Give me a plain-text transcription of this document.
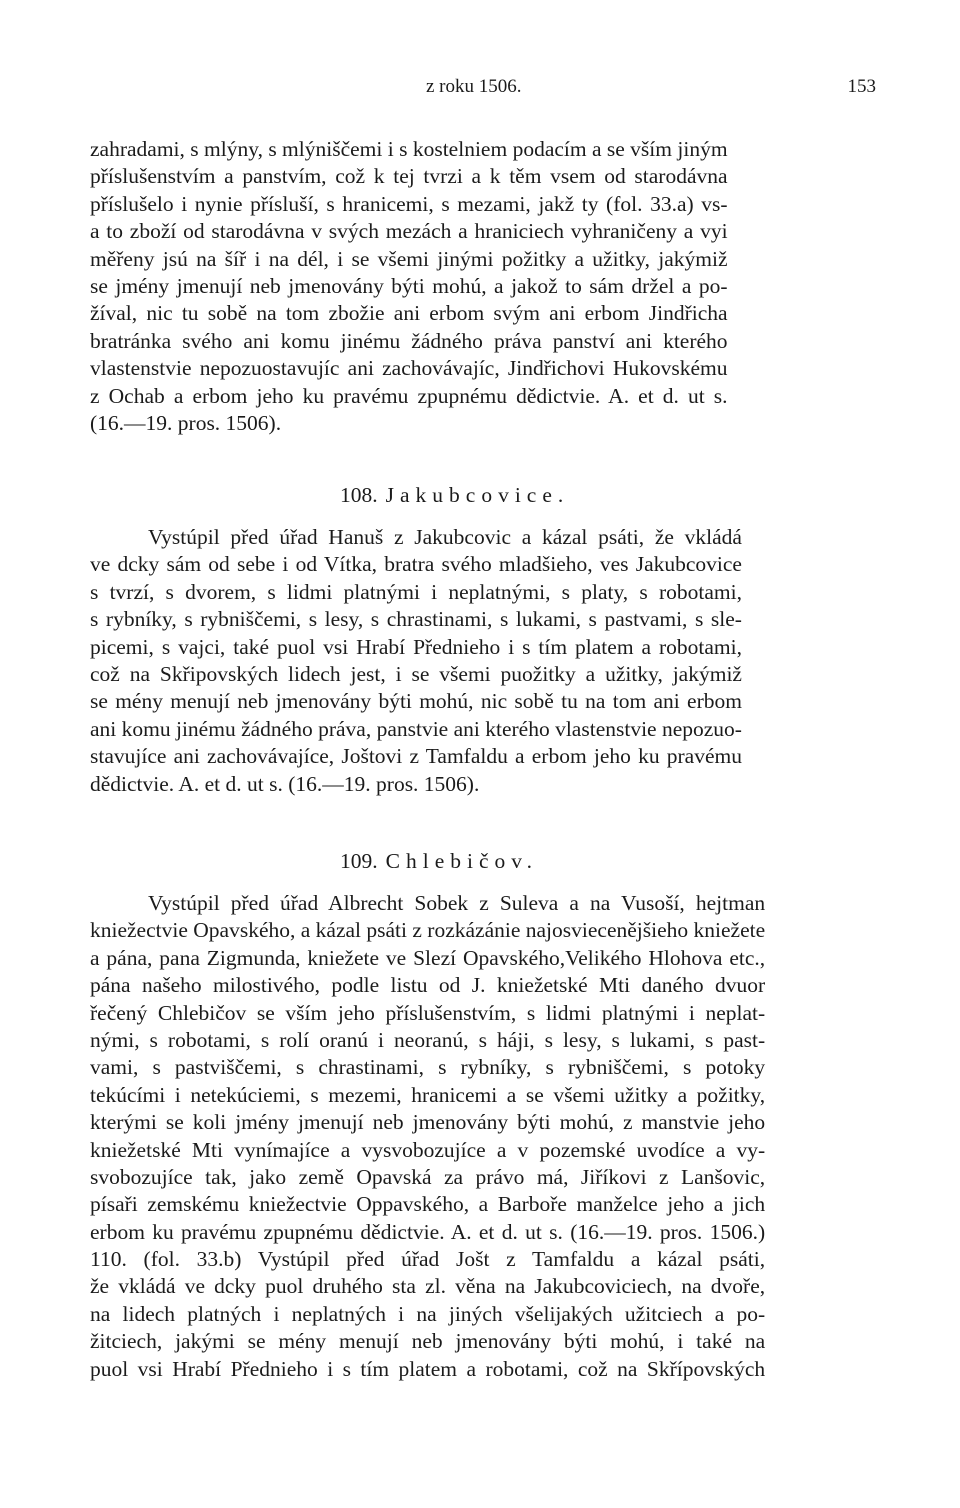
z roku 1506.	153
zahradami, s mlýny, s mlýniščemi i s kostelniem podacím a se vším jiným
příslušenstvím a panstvím, což k tej tvrzi a k těm vsem od starodávna
příslušelo i nynie přísluší, s hranicemi, s mezami, jakž ty (fol. 33.a) vs-
a to zboží od starodávna v svých mezách a hraniciech vyhraničeny a vyi
měřeny jsú na šíř i na dél, i se všemi jinými požitky a užitky, jakýmiž
se jmény jmenují neb jmenovány býti mohú, a jakož to sám držel a po-
žíval, nic tu sobě na tom zbožie ani erbom svým ani erbom Jindřicha
bratránka svého ani komu jinému žádného práva panství ani kterého
vlastenstvie nepozuostavujíc ani zachovávajíc, Jindřichovi Hukovskému
z Ochab a erbom jeho ku pravému zpupnému dědictvie. A. et d. ut s.
(16.—19. pros. 1506).
108. Jakubcovice.
Vystúpil před úřad Hanuš z Jakubcovic a kázal psáti, že vkládá
ve dcky sám od sebe i od Vítka, bratra svého mladšieho, ves Jakubcovice
s tvrzí, s dvorem, s lidmi platnými i neplatnými, s platy, s robotami,
s rybníky, s rybniščemi, s lesy, s chrastinami, s lukami, s pastvami, s sle-
picemi, s vajci, také puol vsi Hrabí Přednieho i s tím platem a robotami,
což na Skřipovských lidech jest, i se všemi puožitky a užitky, jakýmiž
se mény menují neb jmenovány býti mohú, nic sobě tu na tom ani erbom
ani komu jinému žádného práva, panstvie ani kterého vlastenstvie nepozuo-
stavujíce ani zachovávajíce, Joštovi z Tamfaldu a erbom jeho ku pravému
dědictvie. A. et d. ut s. (16.—19. pros. 1506).
109. Chlebičov.
Vystúpil před úřad Albrecht Sobek z Suleva a na Vusoší, hejtman
kniežectvie Opavského, a kázal psáti z rozkázánie najosviecenějšieho kniežete
a pána, pana Zigmunda, kniežete ve Slezí Opavského,Velikého Hlohova etc.,
pána našeho milostivého, podle listu od J. kniežetské Mti daného dvuor
řečený Chlebičov se vším jeho příslušenstvím, s lidmi platnými i neplat-
nými, s robotami, s rolí oranú i neoranú, s háji, s lesy, s lukami, s past-
vami, s pastviščemi, s chrastinami, s rybníky, s rybniščemi, s potoky
tekúcími i netekúciemi, s mezemi, hranicemi a se všemi užitky a požitky,
kterými se koli jmény jmenují neb jmenovány býti mohú, z manstvie jeho
kniežetské Mti vynímajíce a vysvobozujíce a v pozemské uvodíce a vy-
svobozujíce tak, jako země Opavská za právo má, Jiříkovi z Lanšovic,
písaři zemskému kniežectvie Oppavského, a Barboře manželce jeho a jich
erbom ku pravému zpupnému dědictvie. A. et d. ut s. (16.—19. pros. 1506.)
110. (fol. 33.b) Vystúpil před úřad Jošt z Tamfaldu a kázal psáti,
že vkládá ve dcky puol druhého sta zl. věna na Jakubcoviciech, na dvoře,
na lidech platných i neplatných i na jiných všelijakých užitciech a po-
žitciech, jakými se mény menují neb jmenovány býti mohú, i také na
puol vsi Hrabí Přednieho i s tím platem a robotami, což na Skřípovských
